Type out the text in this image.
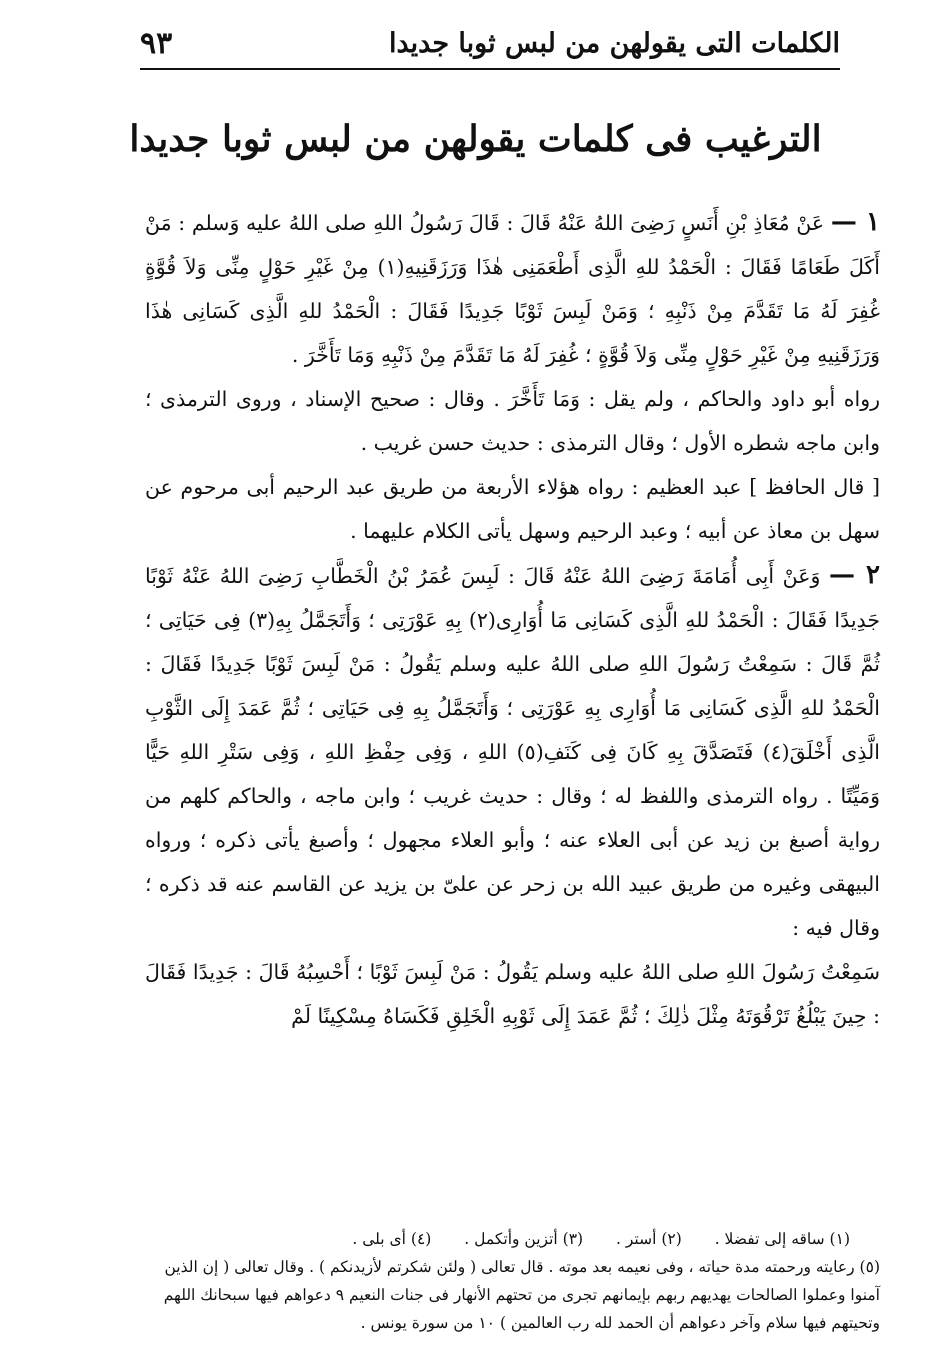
الكلمات التى يقولهن من لبس ثوبا جديدا
٩٣
الترغيب فى كلمات يقولهن من لبس ثوبا جديدا

١ — عَنْ مُعَاذِ بْنِ أَنَسٍ رَضِىَ اللهُ عَنْهُ قَالَ : قَالَ رَسُولُ اللهِ صلى اللهُ عليه وَسلم : مَنْ أَكَلَ طَعَامًا فَقَالَ : الْحَمْدُ للهِ الَّذِى أَطْعَمَنِى هٰذَا وَرَزَقَنِيهِ(١) مِنْ غَيْرِ حَوْلٍ مِنِّى وَلاَ قُوَّةٍ غُفِرَ لَهُ مَا تَقَدَّمَ مِنْ ذَنْبِهِ ؛ وَمَنْ لَبِسَ ثَوْبًا جَدِيدًا فَقَالَ : الْحَمْدُ للهِ الَّذِى كَسَانِى هٰذَا وَرَزَقَنِيهِ مِنْ غَيْرِ حَوْلٍ مِنِّى وَلاَ قُوَّةٍ ؛ غُفِرَ لَهُ مَا تَقَدَّمَ مِنْ ذَنْبِهِ وَمَا تَأَخَّرَ .

رواه أبو داود والحاكم ، ولم يقل : وَمَا تَأَخَّرَ . وقال : صحيح الإسناد ، وروى الترمذى ؛ وابن ماجه شطره الأول ؛ وقال الترمذى : حديث حسن غريب .

[ قال الحافظ ] عبد العظيم : رواه هؤلاء الأربعة من طريق عبد الرحيم أبى مرحوم عن سهل بن معاذ عن أبيه ؛ وعبد الرحيم وسهل يأتى الكلام عليهما .

٢ — وَعَنْ أَبِى أُمَامَةَ رَضِىَ اللهُ عَنْهُ قَالَ : لَبِسَ عُمَرُ بْنُ الْخَطَّابِ رَضِىَ اللهُ عَنْهُ ثَوْبًا جَدِيدًا فَقَالَ : الْحَمْدُ للهِ الَّذِى كَسَانِى مَا أُوَارِى(٢) بِهِ عَوْرَتِى ؛ وَأَتَجَمَّلُ بِهِ(٣) فِى حَيَاتِى ؛ ثُمَّ قَالَ : سَمِعْتُ رَسُولَ اللهِ صلى اللهُ عليه وسلم يَقُولُ : مَنْ لَبِسَ ثَوْبًا جَدِيدًا فَقَالَ : الْحَمْدُ للهِ الَّذِى كَسَانِى مَا أُوَارِى بِهِ عَوْرَتِى ؛ وَأَتَجَمَّلُ بِهِ فِى حَيَاتِى ؛ ثُمَّ عَمَدَ إِلَى الثَّوْبِ الَّذِى أَخْلَقَ(٤) فَتَصَدَّقَ بِهِ كَانَ فِى كَنَفِ(٥) اللهِ ، وَفِى حِفْظِ اللهِ ، وَفِى سَتْرِ اللهِ حَيًّا وَمَيِّتًا . رواه الترمذى واللفظ له ؛ وقال : حديث غريب ؛ وابن ماجه ، والحاكم كلهم من رواية أصبغ بن زيد عن أبى العلاء عنه ؛ وأبو العلاء مجهول ؛ وأصبغ يأتى ذكره ؛ ورواه البيهقى وغيره من طريق عبيد الله بن زحر عن علىّ بن يزيد عن القاسم عنه قد ذكره ؛ وقال فيه :

سَمِعْتُ رَسُولَ اللهِ صلى اللهُ عليه وسلم يَقُولُ : مَنْ لَبِسَ ثَوْبًا ؛ أَحْسِبُهُ قَالَ : جَدِيدًا فَقَالَ : حِينَ يَبْلُغُ تَرْقُوَتَهُ مِثْلَ ذٰلِكَ ؛ ثُمَّ عَمَدَ إِلَى ثَوْبِهِ الْخَلِقِ فَكَسَاهُ مِسْكِينًا لَمْ

(١) ساقه إلى تفضلا . (٢) أستر . (٣) أتزين وأتكمل . (٤) أى بلى .

(٥) رعايته ورحمته مدة حياته ، وفى نعيمه بعد موته . قال تعالى ( ولئن شكرتم لأزيدنكم ) . وقال تعالى ( إن الذين آمنوا وعملوا الصالحات يهديهم ربهم بإيمانهم تجرى من تحتهم الأنهار فى جنات النعيم ٩ دعواهم فيها سبحانك اللهم وتحيتهم فيها سلام وآخر دعواهم أن الحمد لله رب العالمين ) ١٠ من سورة يونس .
